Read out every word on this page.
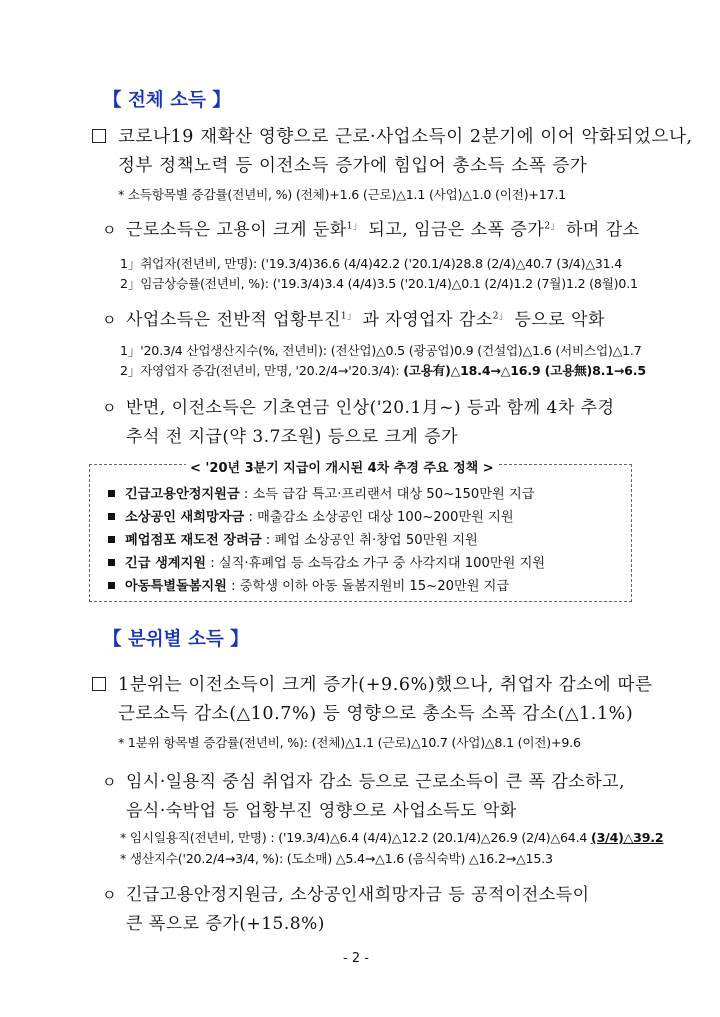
【 전체 소득 】
코로나19 재확산 영향으로 근로·사업소득이 2분기에 이어 악화되었으나,
정부 정책노력 등 이전소득 증가에 힘입어 총소득 소폭 증가
* 소득항목별 증감률(전년비, %) (전체)+1.6 (근로)△1.1 (사업)△1.0 (이전)+17.1
ㅇ 근로소득은 고용이 크게 둔화$^{1」}$ 되고, 임금은 소폭 증가$^{2」}$ 하며 감소
1」취업자(전년비, 만명): ('19.3/4)36.6 (4/4)42.2 ('20.1/4)28.8 (2/4)△40.7 (3/4)△31.4
2」임금상승률(전년비, %): ('19.3/4)3.4 (4/4)3.5 ('20.1/4)△0.1 (2/4)1.2 (7월)1.2 (8월)0.1
ㅇ 사업소득은 전반적 업황부진$^{1」}$ 과 자영업자 감소$^{2」}$ 등으로 악화
1」'20.3/4 산업생산지수(%, 전년비): (전산업)△0.5 (광공업)0.9 (건설업)△1.6 (서비스업)△1.7
2」자영업자 증감(전년비, 만명, '20.2/4→'20.3/4): (고용有)△18.4→△16.9 (고용無)8.1→6.5
ㅇ 반면, 이전소득은 기초연금 인상('20.1月~) 등과 함께 4차 추경
추석 전 지급(약 3.7조원) 등으로 크게 증가
< '20년 3분기 지급이 개시된 4차 추경 주요 정책 >
긴급고용안정지원금 : 소득 급감 특고·프리랜서 대상 50~150만원 지급
소상공인 새희망자금 : 매출감소 소상공인 대상 100~200만원 지원
폐업점포 재도전 장려금 : 폐업 소상공인 취·창업 50만원 지원
긴급 생계지원 : 실직·휴폐업 등 소득감소 가구 중 사각지대 100만원 지원
아동특별돌봄지원 : 중학생 이하 아동 돌봄지원비 15~20만원 지급
【 분위별 소득 】
1분위는 이전소득이 크게 증가(+9.6%)했으나, 취업자 감소에 따른
근로소득 감소(△10.7%) 등 영향으로 총소득 소폭 감소(△1.1%)
* 1분위 항목별 증감률(전년비, %): (전체)△1.1 (근로)△10.7 (사업)△8.1 (이전)+9.6
ㅇ 임시·일용직 중심 취업자 감소 등으로 근로소득이 큰 폭 감소하고,
음식·숙박업 등 업황부진 영향으로 사업소득도 악화
* 임시일용직(전년비, 만명) : ('19.3/4)△6.4 (4/4)△12.2 (20.1/4)△26.9 (2/4)△64.4 (3/4)△39.2
* 생산지수('20.2/4→3/4, %): (도소매) △5.4→△1.6 (음식숙박) △16.2→△15.3
ㅇ 긴급고용안정지원금, 소상공인새희망자금 등 공적이전소득이
큰 폭으로 증가(+15.8%)
- 2 -
